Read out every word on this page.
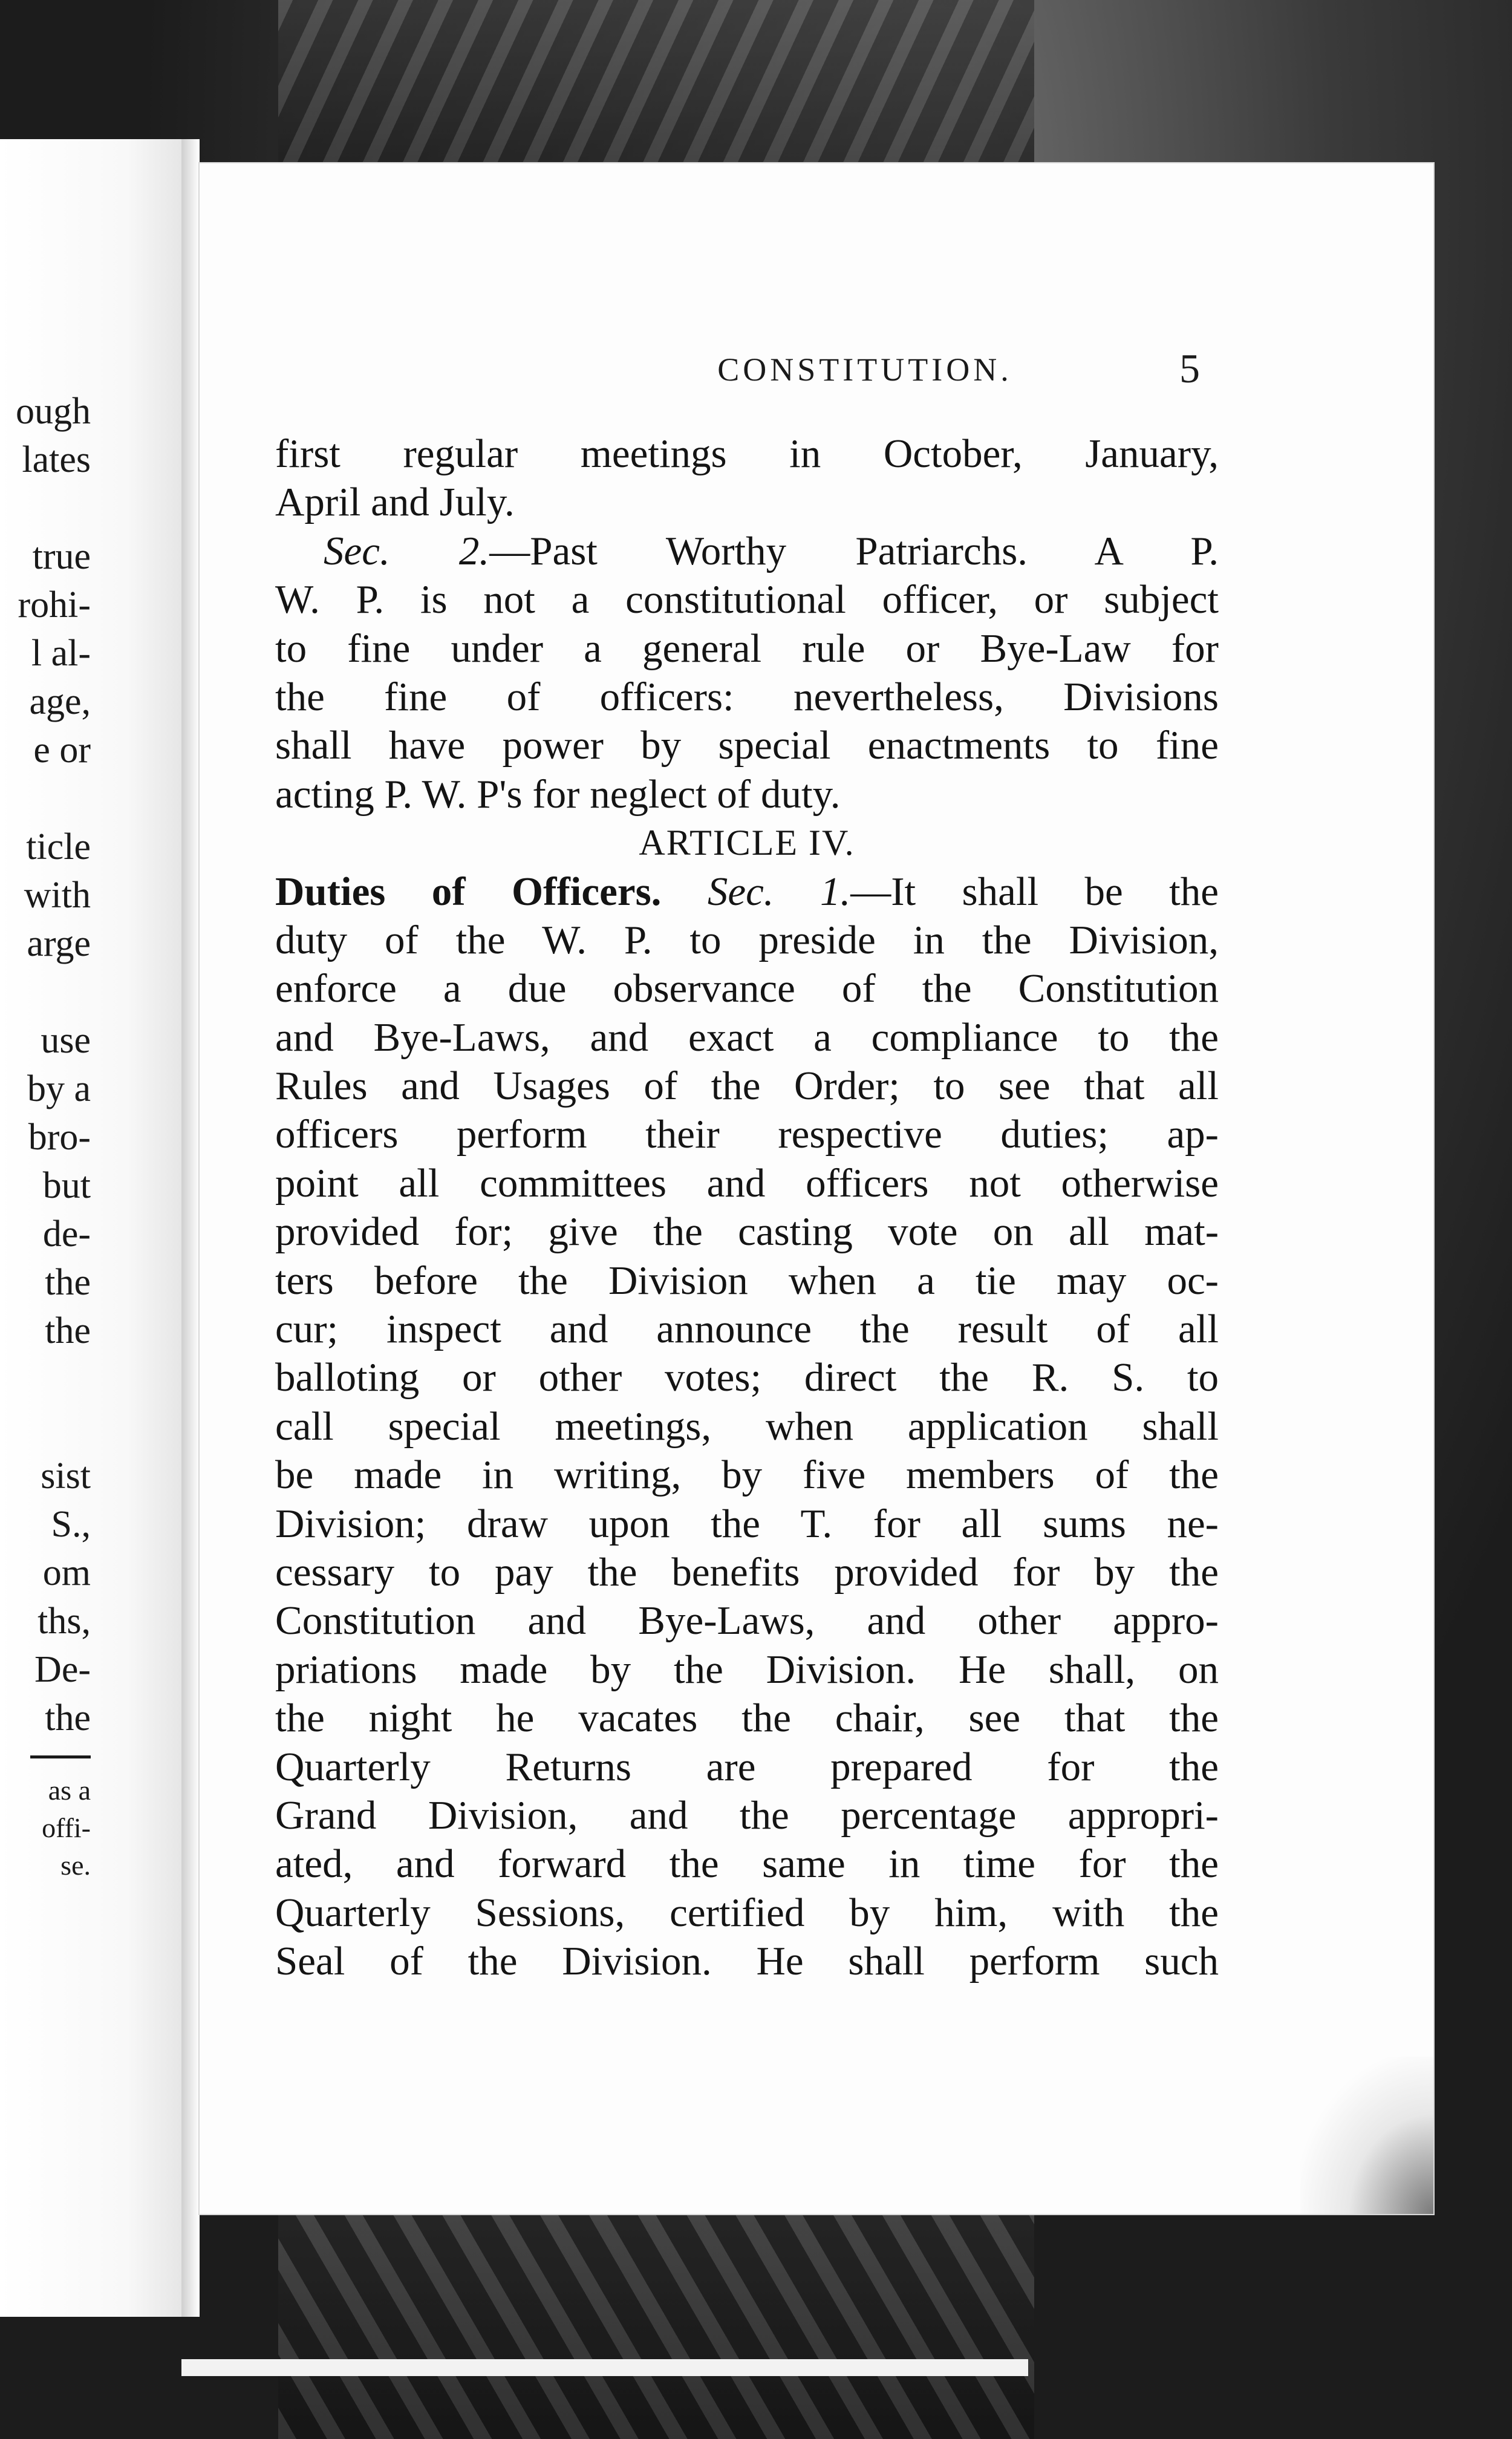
ough
lates
true
rohi-
l al-
age,
e or
ticle
with
arge
use
by a
bro-
but
de-
the
the
sist
S.,
om
ths,
De-
the
as a
offi-
se.
CONSTITUTION.	5
first regular meetings in October, January,
April and July.
Sec. 2.—Past Worthy Patriarchs. A P.
W. P. is not a constitutional officer, or subject
to fine under a general rule or Bye-Law for
the fine of officers: nevertheless, Divisions
shall have power by special enactments to fine
acting P. W. P's for neglect of duty.
ARTICLE IV.
Duties of Officers. Sec. 1.—It shall be the
duty of the W. P. to preside in the Division,
enforce a due observance of the Constitution
and Bye-Laws, and exact a compliance to the
Rules and Usages of the Order; to see that all
officers perform their respective duties; ap-
point all committees and officers not otherwise
provided for; give the casting vote on all mat-
ters before the Division when a tie may oc-
cur; inspect and announce the result of all
balloting or other votes; direct the R. S. to
call special meetings, when application shall
be made in writing, by five members of the
Division; draw upon the T. for all sums ne-
cessary to pay the benefits provided for by the
Constitution and Bye-Laws, and other appro-
priations made by the Division. He shall, on
the night he vacates the chair, see that the
Quarterly Returns are prepared for the
Grand Division, and the percentage appropri-
ated, and forward the same in time for the
Quarterly Sessions, certified by him, with the
Seal of the Division. He shall perform such
